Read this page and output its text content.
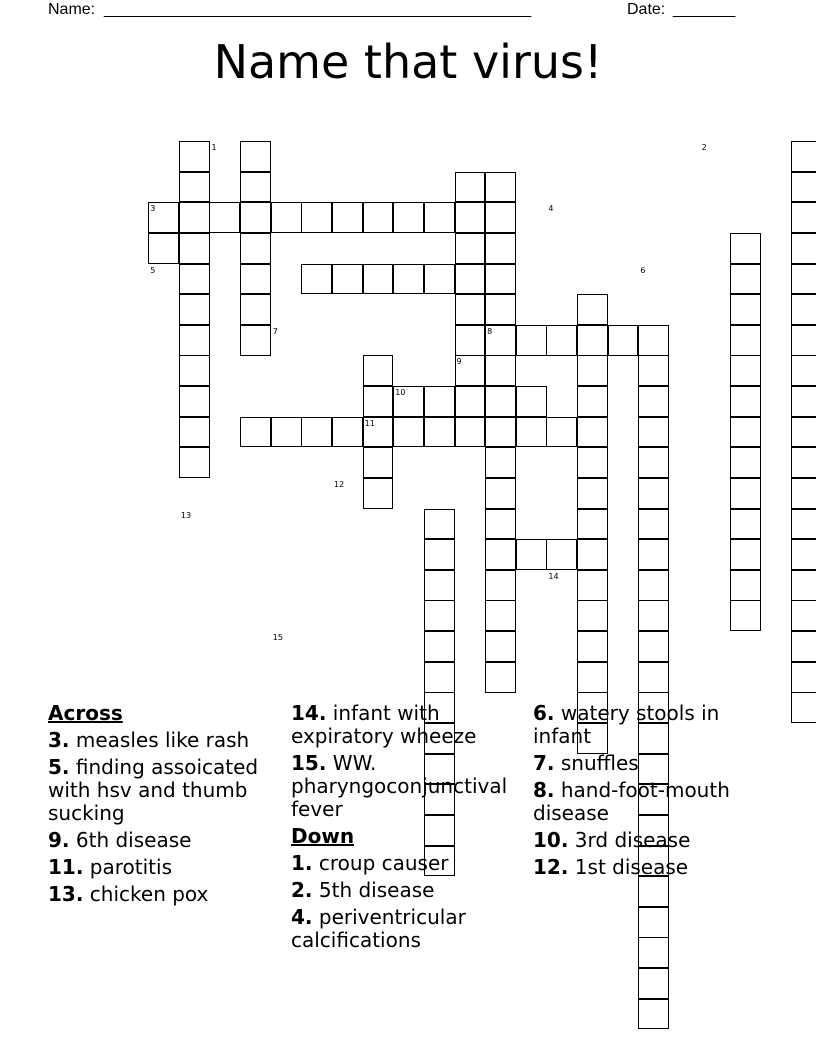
Name: ________________________________________________	Date: _______
Name that virus!
1	2
3	4
5	6
7	8
9
10
11
12
13
14
15
Across
3. measles like rash
5. finding assoicated with hsv and thumb sucking
9. 6th disease
11. parotitis
13. chicken pox
14. infant with expiratory wheeze
15. WW. pharyngoconjunctival fever
Down
1. croup causer
2. 5th disease
4. periventricular calcifications
6. watery stools in infant
7. snuffles
8. hand-foot-mouth disease
10. 3rd disease
12. 1st disease
